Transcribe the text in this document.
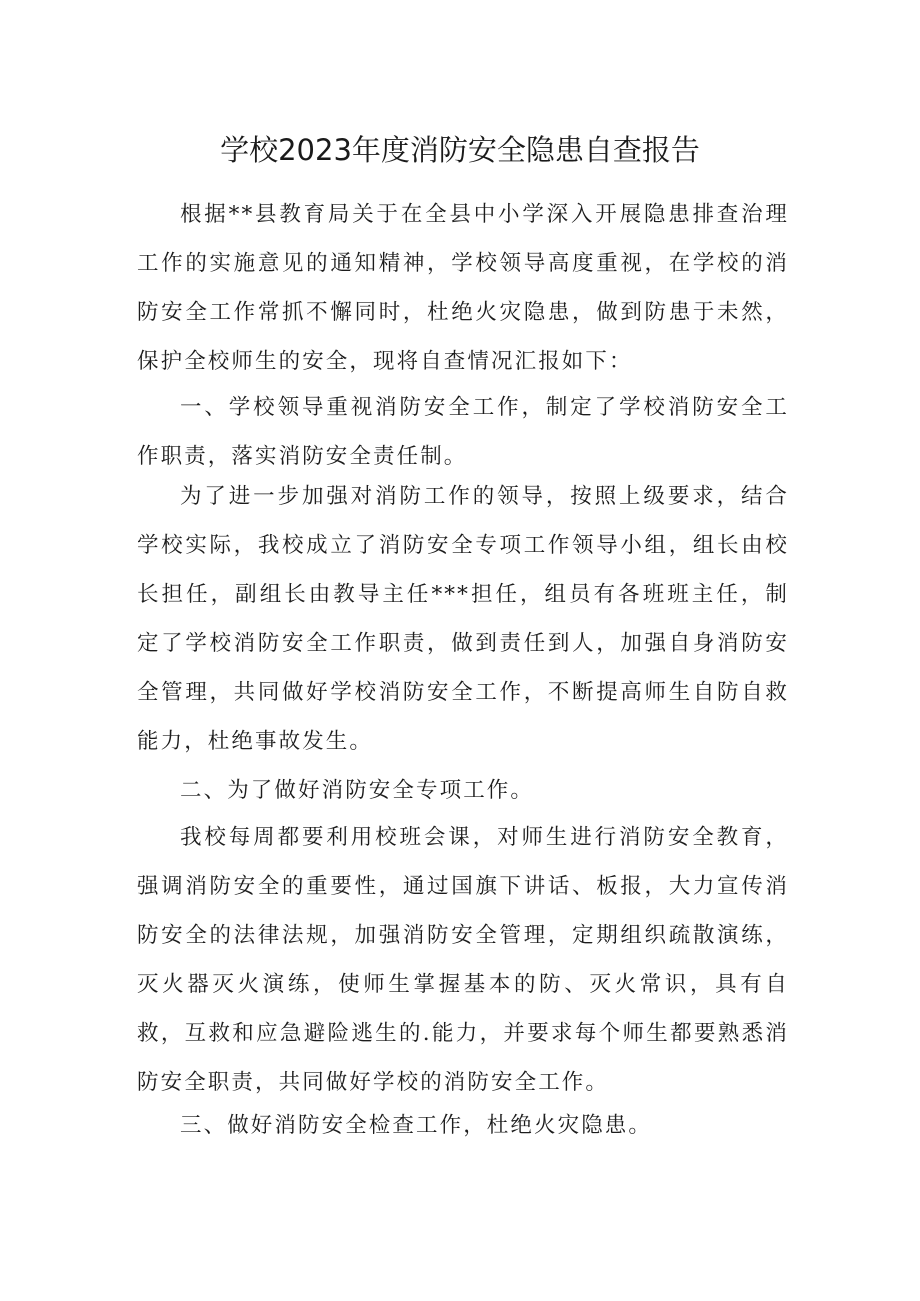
学校2023年度消防安全隐患自查报告

根据**县教育局关于在全县中小学深入开展隐患排查治理工作的实施意见的通知精神，学校领导高度重视，在学校的消防安全工作常抓不懈同时，杜绝火灾隐患，做到防患于未然，保护全校师生的安全，现将自查情况汇报如下：

一、学校领导重视消防安全工作，制定了学校消防安全工作职责，落实消防安全责任制。

为了进一步加强对消防工作的领导，按照上级要求，结合学校实际，我校成立了消防安全专项工作领导小组，组长由校长担任，副组长由教导主任***担任，组员有各班班主任，制定了学校消防安全工作职责，做到责任到人，加强自身消防安全管理，共同做好学校消防安全工作，不断提高师生自防自救能力，杜绝事故发生。

二、为了做好消防安全专项工作。

我校每周都要利用校班会课，对师生进行消防安全教育，强调消防安全的重要性，通过国旗下讲话、板报，大力宣传消防安全的法律法规，加强消防安全管理，定期组织疏散演练，灭火器灭火演练，使师生掌握基本的防、灭火常识，具有自救，互救和应急避险逃生的.能力，并要求每个师生都要熟悉消防安全职责，共同做好学校的消防安全工作。

三、做好消防安全检查工作，杜绝火灾隐患。
